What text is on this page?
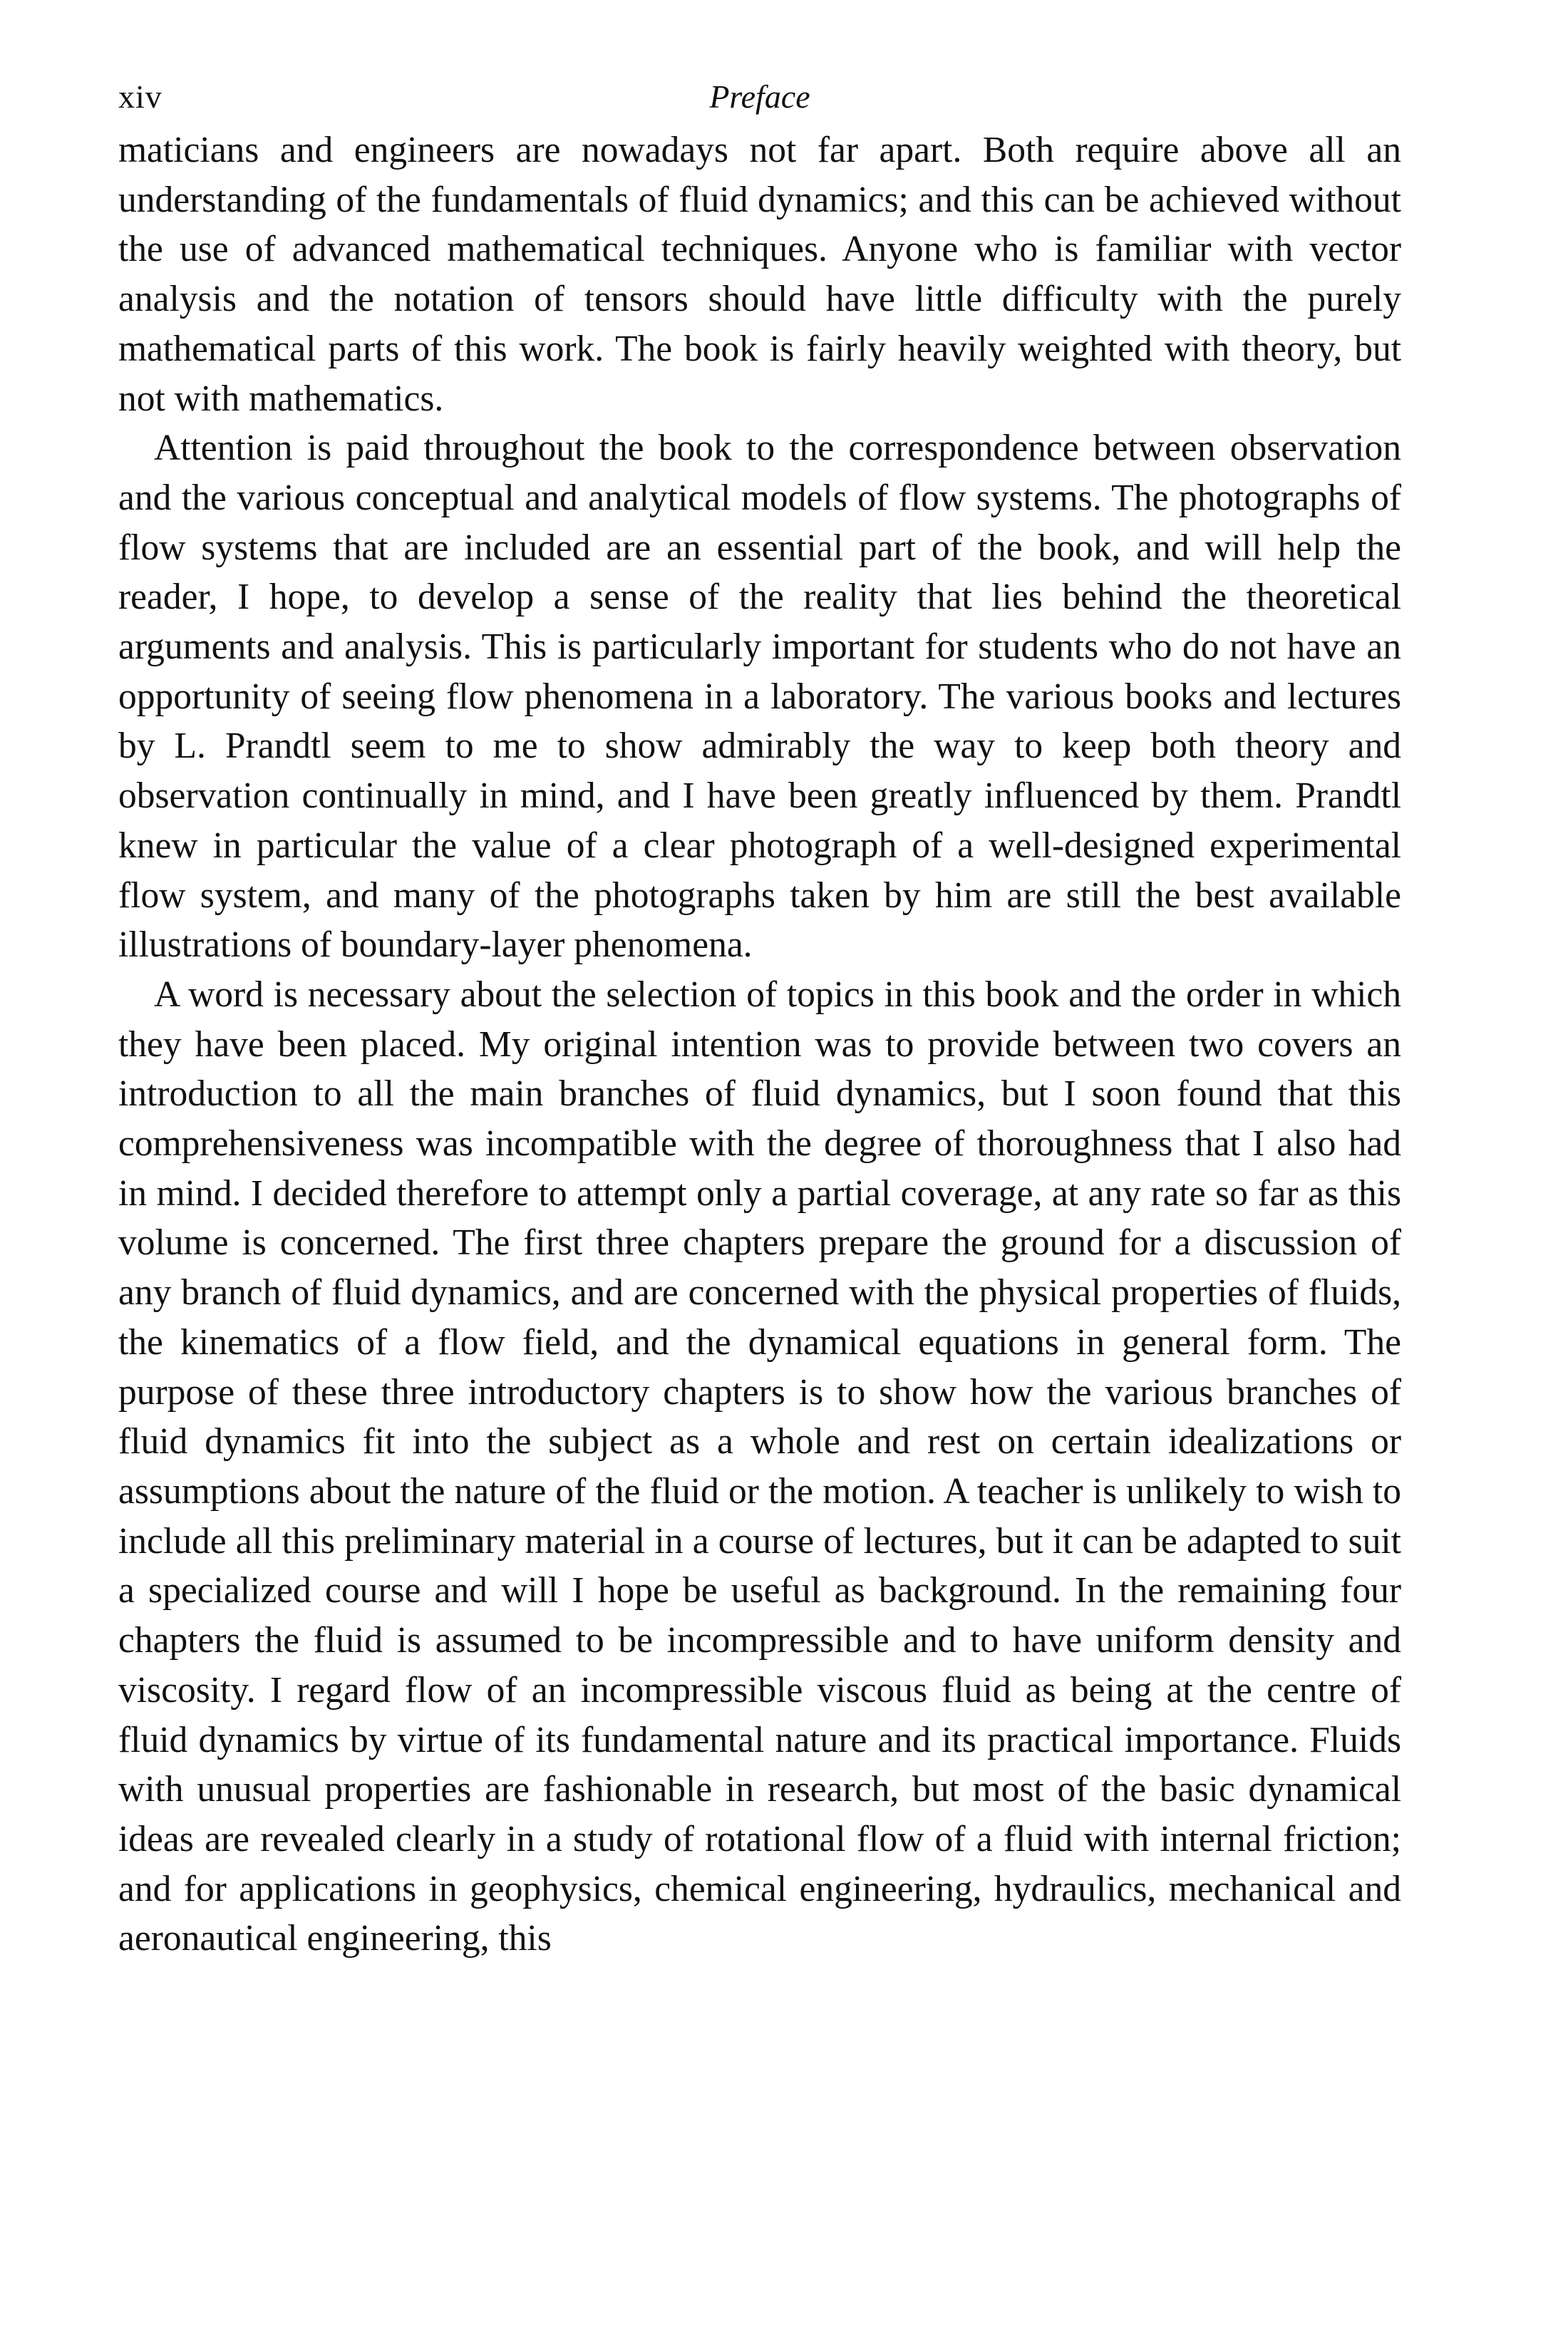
xiv	Preface

maticians and engineers are nowadays not far apart. Both require above all an understanding of the fundamentals of fluid dynamics; and this can be achieved without the use of advanced mathematical techniques. Anyone who is familiar with vector analysis and the notation of tensors should have little difficulty with the purely mathematical parts of this work. The book is fairly heavily weighted with theory, but not with mathematics.

Attention is paid throughout the book to the correspondence between observation and the various conceptual and analytical models of flow systems. The photographs of flow systems that are included are an essential part of the book, and will help the reader, I hope, to develop a sense of the reality that lies behind the theoretical arguments and analysis. This is particularly important for students who do not have an opportunity of seeing flow phenomena in a laboratory. The various books and lectures by L. Prandtl seem to me to show admirably the way to keep both theory and observation continually in mind, and I have been greatly influenced by them. Prandtl knew in particular the value of a clear photograph of a well-designed experimental flow system, and many of the photographs taken by him are still the best available illustrations of boundary-layer phenomena.

A word is necessary about the selection of topics in this book and the order in which they have been placed. My original intention was to provide between two covers an introduction to all the main branches of fluid dynamics, but I soon found that this comprehensiveness was incompatible with the degree of thoroughness that I also had in mind. I decided therefore to attempt only a partial coverage, at any rate so far as this volume is concerned. The first three chapters prepare the ground for a discussion of any branch of fluid dynamics, and are concerned with the physical properties of fluids, the kinematics of a flow field, and the dynamical equations in general form. The purpose of these three introductory chapters is to show how the various branches of fluid dynamics fit into the subject as a whole and rest on certain idealizations or assumptions about the nature of the fluid or the motion. A teacher is unlikely to wish to include all this preliminary material in a course of lectures, but it can be adapted to suit a specialized course and will I hope be useful as background. In the remaining four chapters the fluid is assumed to be incompressible and to have uniform density and viscosity. I regard flow of an incompressible viscous fluid as being at the centre of fluid dynamics by virtue of its fundamental nature and its practical importance. Fluids with unusual properties are fashionable in research, but most of the basic dynamical ideas are revealed clearly in a study of rotational flow of a fluid with internal friction; and for applications in geophysics, chemical engineering, hydraulics, mechanical and aeronautical engineering, this
